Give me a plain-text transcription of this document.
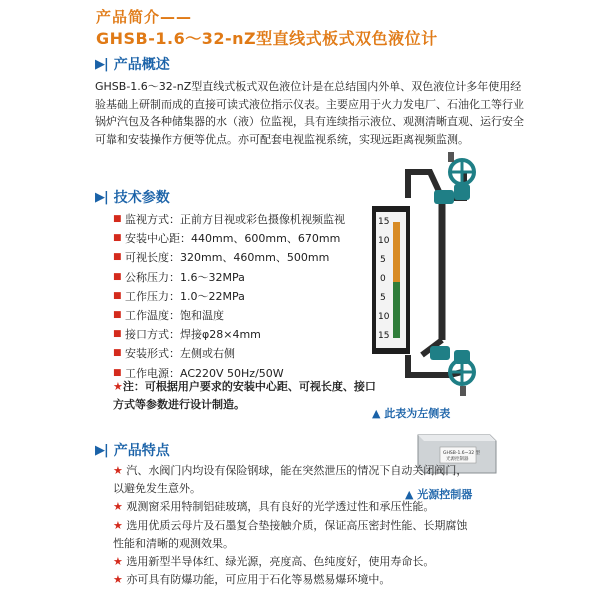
产品简介——
GHSB-1.6～32-nZ型直线式板式双色液位计
▶| 产品概述
GHSB-1.6～32-nZ型直线式板式双色液位计是在总结国内外单、双色液位计多年使用经验基础上研制而成的直接可读式液位指示仪表。主要应用于火力发电厂、石油化工等行业锅炉汽包及各种储集器的水（液）位监视，具有连续指示液位、观测清晰直观、运行安全可靠和安装操作方便等优点。亦可配套电视监视系统，实现远距离视频监测。
▶| 技术参数
■ 监视方式： 正前方目视或彩色摄像机视频监视
■ 安装中心距： 440mm、600mm、670mm
■ 可视长度： 320mm、460mm、500mm
■ 公称压力： 1.6～32MPa
■ 工作压力： 1.0～22MPa
■ 工作温度： 饱和温度
■ 接口方式： 焊接φ28×4mm
■ 安装形式： 左侧或右侧
■ 工作电源： AC220V 50Hz/50W
★注：可根据用户要求的安装中心距、可视长度、接口方式等参数进行设计制造。
15
10
5
0
5
10
15
▲ 此表为左侧表
GHSB-1.6~32 型
光源控制器
▲ 光源控制器
▶| 产品特点

★ 汽、水阀门内均设有保险钢球，能在突然泄压的情况下自动关闭阀门，以避免发生意外。

★ 观测窗采用特制铝硅玻璃，具有良好的光学透过性和承压性能。

★ 选用优质云母片及石墨复合垫接触介质，保证高压密封性能、长期腐蚀性能和清晰的观测效果。

★ 选用新型半导体红、绿光源，亮度高、色纯度好，使用寿命长。

★ 亦可具有防爆功能，可应用于石化等易燃易爆环境中。
